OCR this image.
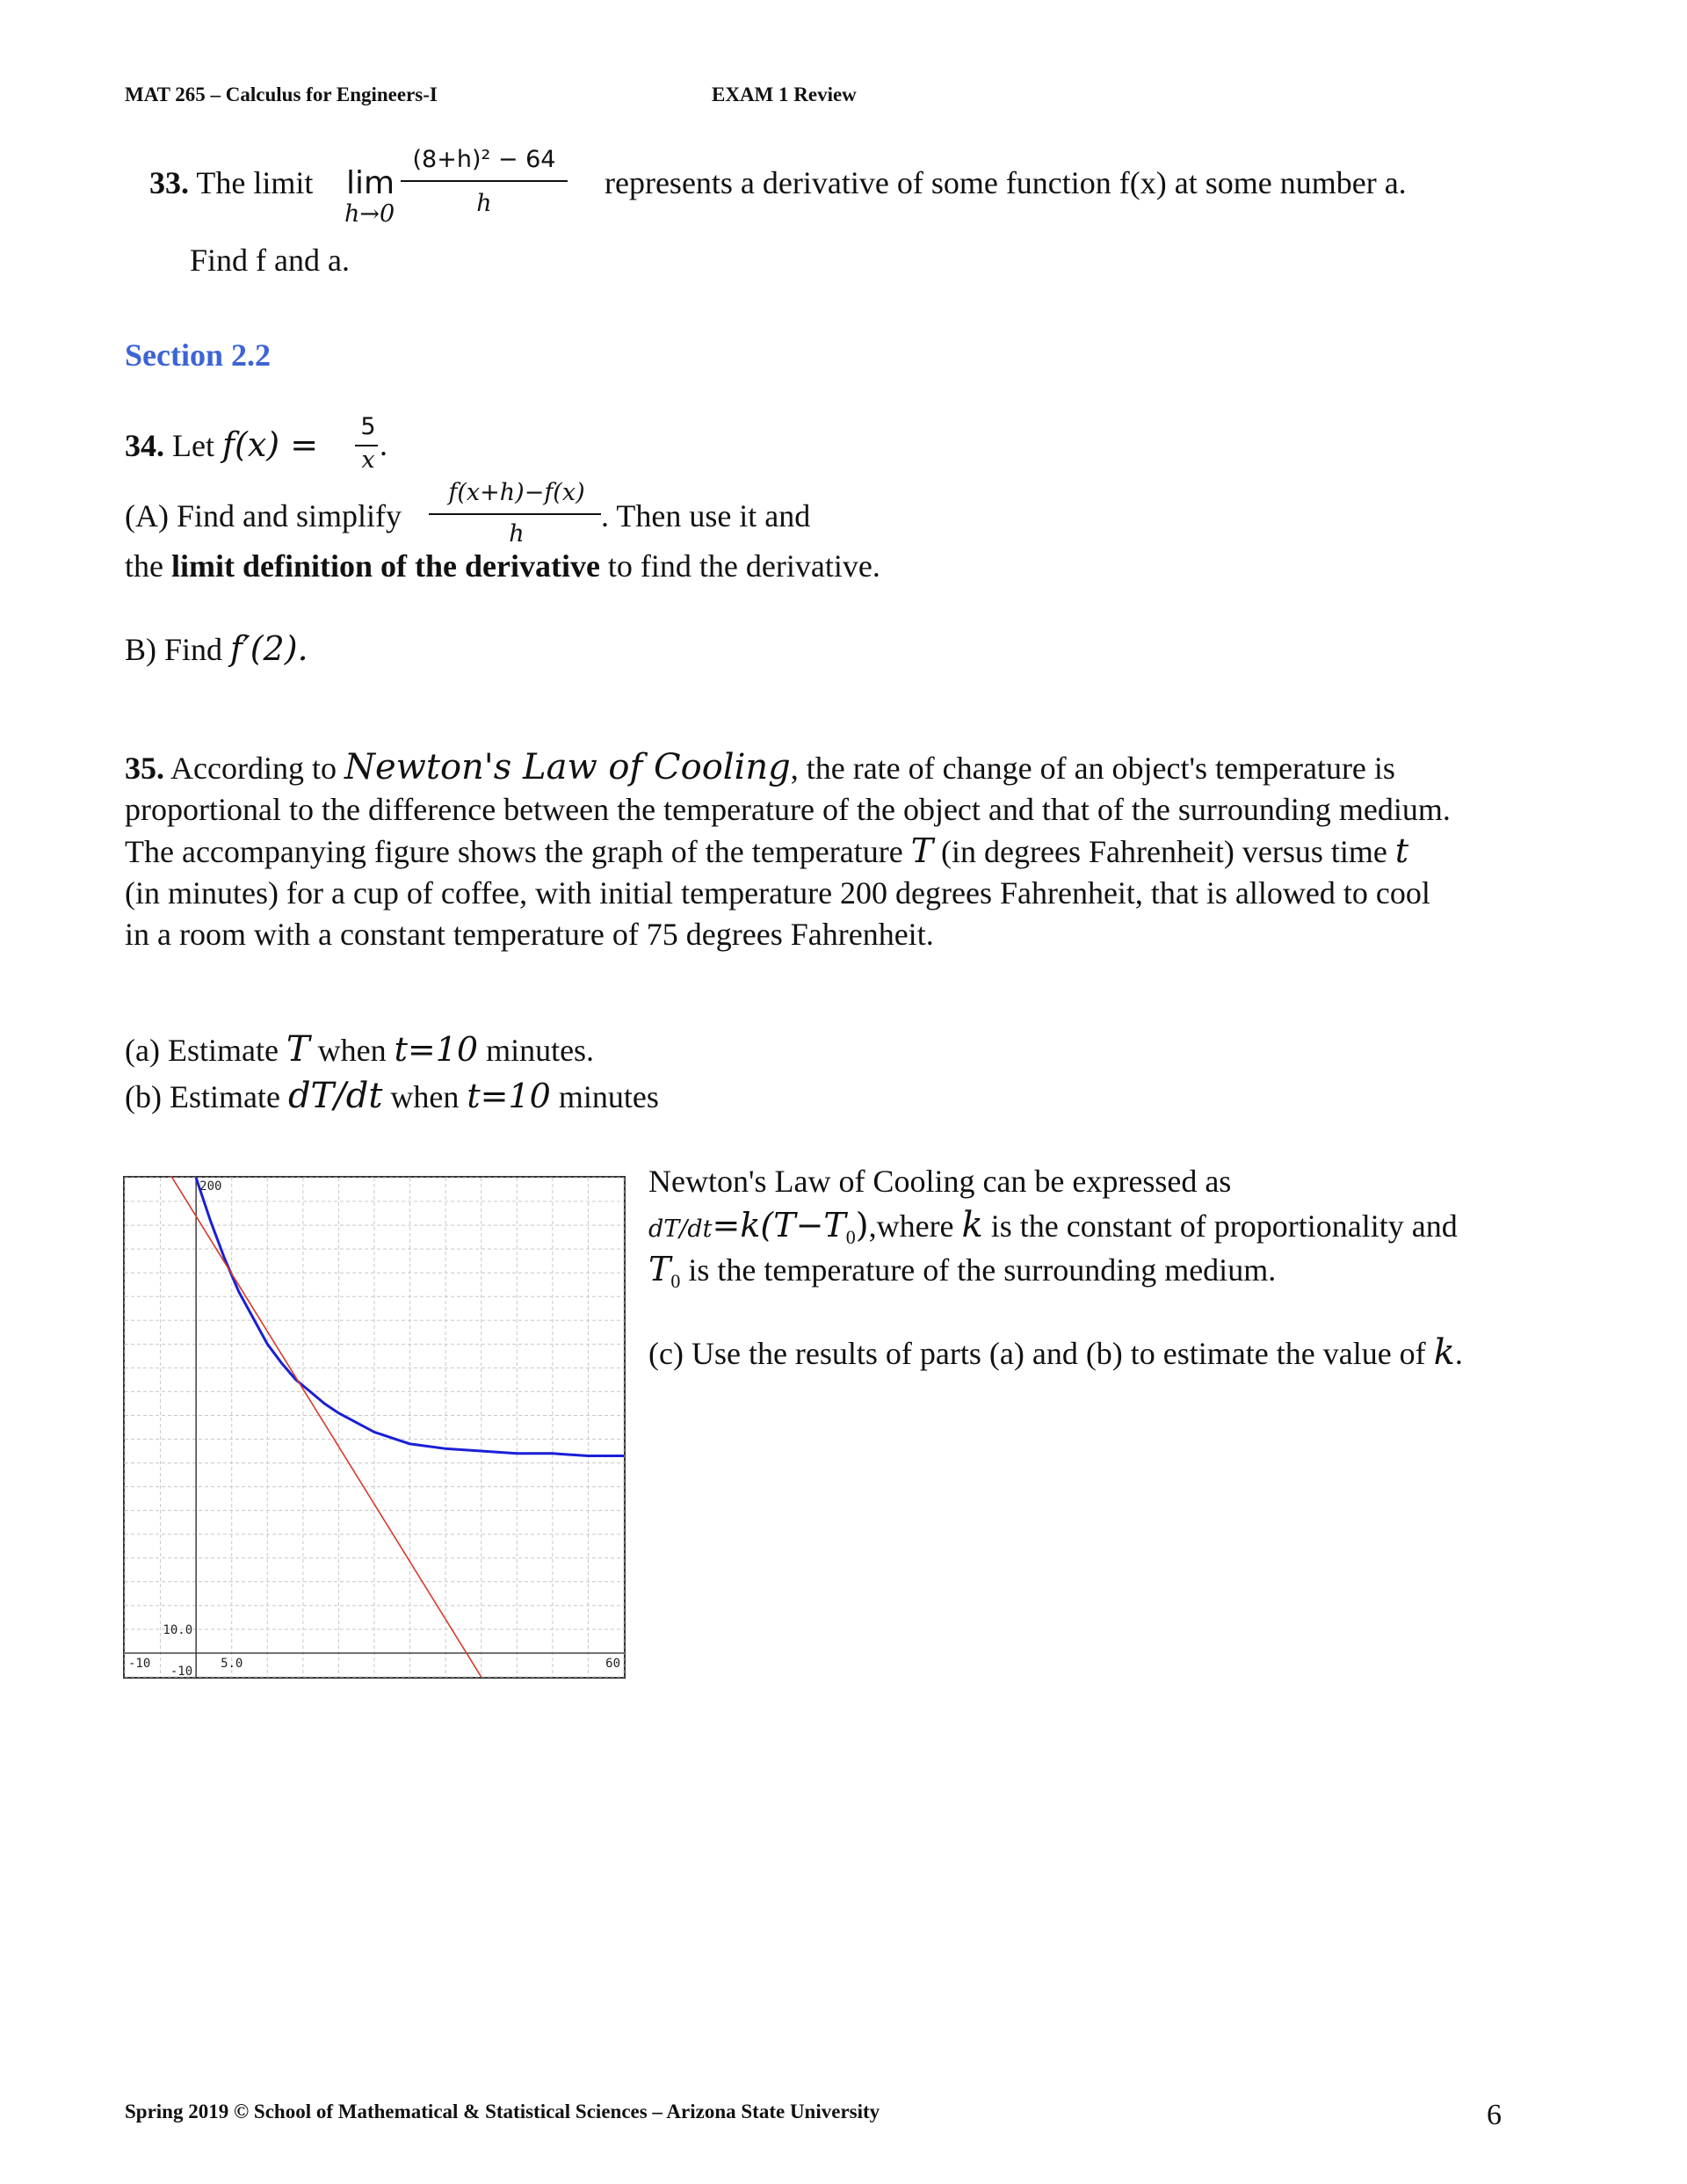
MAT 265 – Calculus for Engineers-I	EXAM 1 Review
33. The limit lim
h→0
(8+h)² − 64
h
represents a derivative of some function f(x) at some number a.
Find f and a.
Section 2.2
34. Let f(x) = 5
x .
(A) Find and simplify
f(x+h)−f(x)
h
. Then use it and
the limit definition of the derivative to find the derivative.
B) Find f′(2).
35. According to Newton's Law of Cooling, the rate of change of an object's temperature is
proportional to the difference between the temperature of the object and that of the surrounding medium.
The accompanying figure shows the graph of the temperature T (in degrees Fahrenheit) versus time t
(in minutes) for a cup of coffee, with initial temperature 200 degrees Fahrenheit, that is allowed to cool
in a room with a constant temperature of 75 degrees Fahrenheit.
(a) Estimate T when t=10 minutes.
(b) Estimate dT/dt when t=10 minutes
Newton's Law of Cooling can be expressed as
$dT/dt=k(T-T_0),where$ k is the constant of proportionality and
$T_0$ is the temperature of the surrounding medium.
(c) Use the results of parts (a) and (b) to estimate the value of k.
200
10.0
-10
5.0
-10	60
Spring 2019 © School of Mathematical & Statistical Sciences – Arizona State University	6
